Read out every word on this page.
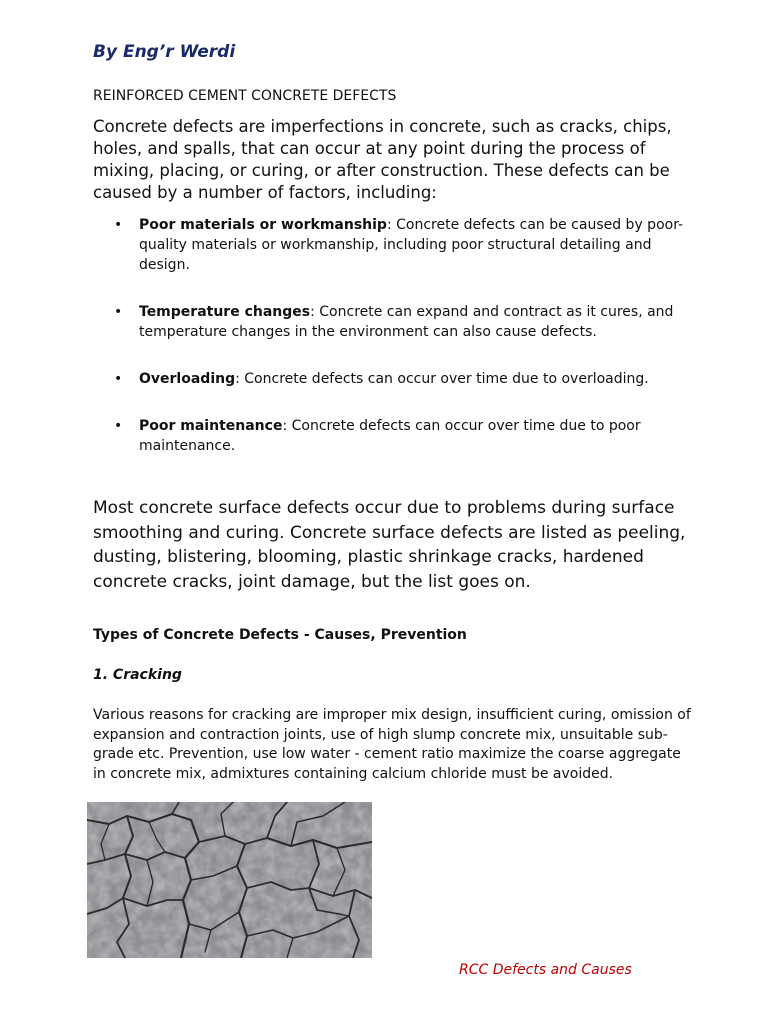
By Eng’r Werdi
REINFORCED CEMENT CONCRETE DEFECTS

Concrete defects are imperfections in concrete, such as cracks, chips, holes, and spalls, that can occur at any point during the process of mixing, placing, or curing, or after construction. These defects can be caused by a number of factors, including:

• Poor materials or workmanship: Concrete defects can be caused by poor-quality materials or workmanship, including poor structural detailing and design.
• Temperature changes: Concrete can expand and contract as it cures, and temperature changes in the environment can also cause defects.
• Overloading: Concrete defects can occur over time due to overloading.
• Poor maintenance: Concrete defects can occur over time due to poor maintenance.

Most concrete surface defects occur due to problems during surface smoothing and curing. Concrete surface defects are listed as peeling, dusting, blistering, blooming, plastic shrinkage cracks, hardened concrete cracks, joint damage, but the list goes on.

Types of Concrete Defects - Causes, Prevention
1. Cracking

Various reasons for cracking are improper mix design, insufficient curing, omission of expansion and contraction joints, use of high slump concrete mix, unsuitable sub-grade etc. Prevention, use low water - cement ratio maximize the coarse aggregate in concrete mix, admixtures containing calcium chloride must be avoided.

RCC Defects and Causes
